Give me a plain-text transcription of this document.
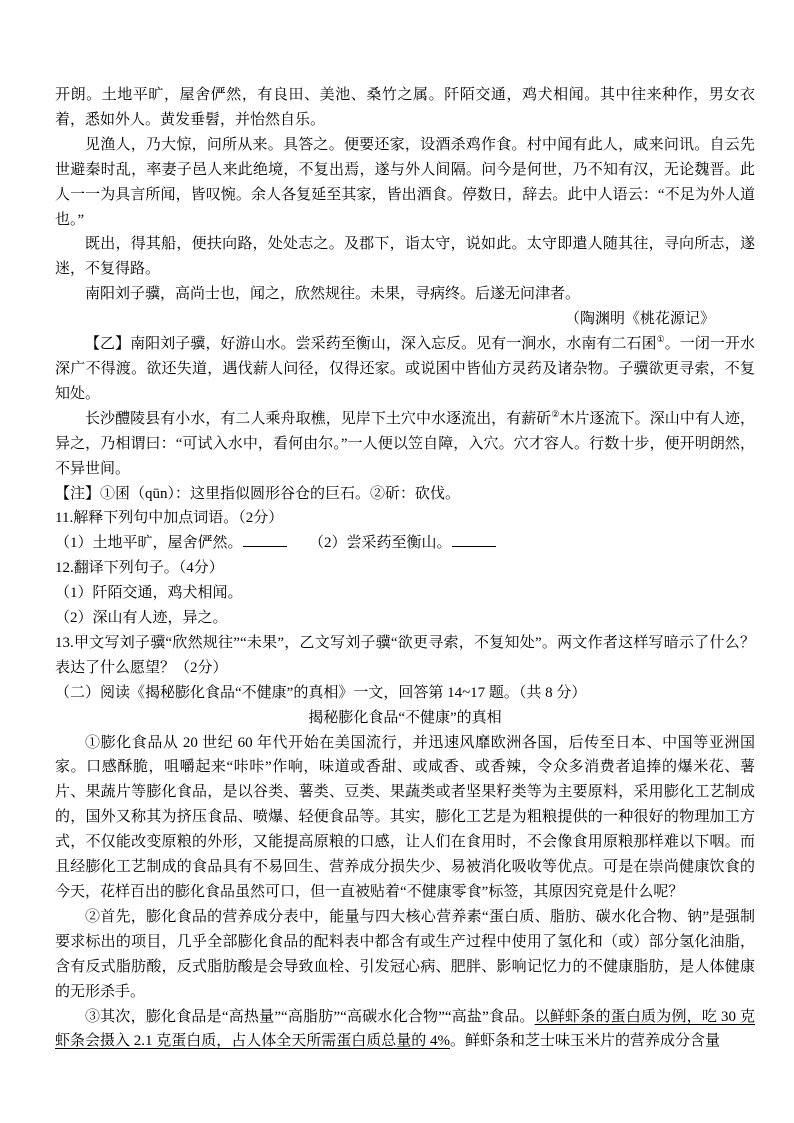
开朗。土地平旷，屋舍俨然，有良田、美池、桑竹之属。阡陌交通，鸡犬相闻。其中往来种作，男女衣着，悉如外人。黄发垂髫，并怡然自乐。

见渔人，乃大惊，问所从来。具答之。便要还家，设酒杀鸡作食。村中闻有此人，咸来问讯。自云先世避秦时乱，率妻子邑人来此绝境，不复出焉，遂与外人间隔。问今是何世，乃不知有汉，无论魏晋。此人一一为具言所闻，皆叹惋。余人各复延至其家，皆出酒食。停数日，辞去。此中人语云：“不足为外人道也。”

既出，得其船，便扶向路，处处志之。及郡下，诣太守，说如此。太守即遣人随其往，寻向所志，遂迷，不复得路。

南阳刘子骥，高尚士也，闻之，欣然规往。未果，寻病终。后遂无问津者。

（陶渊明《桃花源记》

【乙】南阳刘子骥，好游山水。尝采药至衡山，深入忘反。见有一涧水，水南有二石囷①。一闭一开水深广不得渡。欲还失道，遇伐薪人问径，仅得还家。或说囷中皆仙方灵药及诸杂物。子骥欲更寻索，不复知处。

长沙醴陵县有小水，有二人乘舟取樵，见岸下土穴中水逐流出，有薪斫②木片逐流下。深山中有人迹，异之，乃相谓曰：“可试入水中，看何由尔。”一人便以笠自障，入穴。穴才容人。行数十步，便开明朗然，不异世间。

【注】①囷（qūn）：这里指似圆形谷仓的巨石。②斫：砍伐。

11.解释下列句中加点词语。（2分）

（1）土地平旷，屋舍俨然。	　　（2）尝采药至衡山。

12.翻译下列句子。（4分）

（1）阡陌交通，鸡犬相闻。

（2）深山有人迹，异之。

13.甲文写刘子骥“欣然规往”“未果”，乙文写刘子骥“欲更寻索，不复知处”。两文作者这样写暗示了什么？表达了什么愿望？（2分）

（二）阅读《揭秘膨化食品“不健康”的真相》一文，回答第 14~17 题。（共 8 分）

揭秘膨化食品“不健康”的真相

①膨化食品从 20 世纪 60 年代开始在美国流行，并迅速风靡欧洲各国，后传至日本、中国等亚洲国家。口感酥脆，咀嚼起来“咔咔”作响，味道或香甜、或咸香、或香辣，令众多消费者追捧的爆米花、薯片、果蔬片等膨化食品，是以谷类、薯类、豆类、果蔬类或者坚果籽类等为主要原料，采用膨化工艺制成的，国外又称其为挤压食品、喷爆、轻便食品等。其实，膨化工艺是为粗粮提供的一种很好的物理加工方式，不仅能改变原粮的外形，又能提高原粮的口感，让人们在食用时，不会像食用原粮那样难以下咽。而且经膨化工艺制成的食品具有不易回生、营养成分损失少、易被消化吸收等优点。可是在崇尚健康饮食的今天，花样百出的膨化食品虽然可口，但一直被贴着“不健康零食”标签，其原因究竟是什么呢？

②首先，膨化食品的营养成分表中，能量与四大核心营养素“蛋白质、脂肪、碳水化合物、钠”是强制要求标出的项目，几乎全部膨化食品的配料表中都含有或生产过程中使用了氢化和（或）部分氢化油脂，含有反式脂肪酸，反式脂肪酸是会导致血栓、引发冠心病、肥胖、影响记忆力的不健康脂肪，是人体健康的无形杀手。

③其次，膨化食品是“高热量”“高脂肪”“高碳水化合物”“高盐”食品。以鲜虾条的蛋白质为例，吃 30 克虾条会摄入 2.1 克蛋白质，占人体全天所需蛋白质总量的 4%。鲜虾条和芝士味玉米片的营养成分含量
